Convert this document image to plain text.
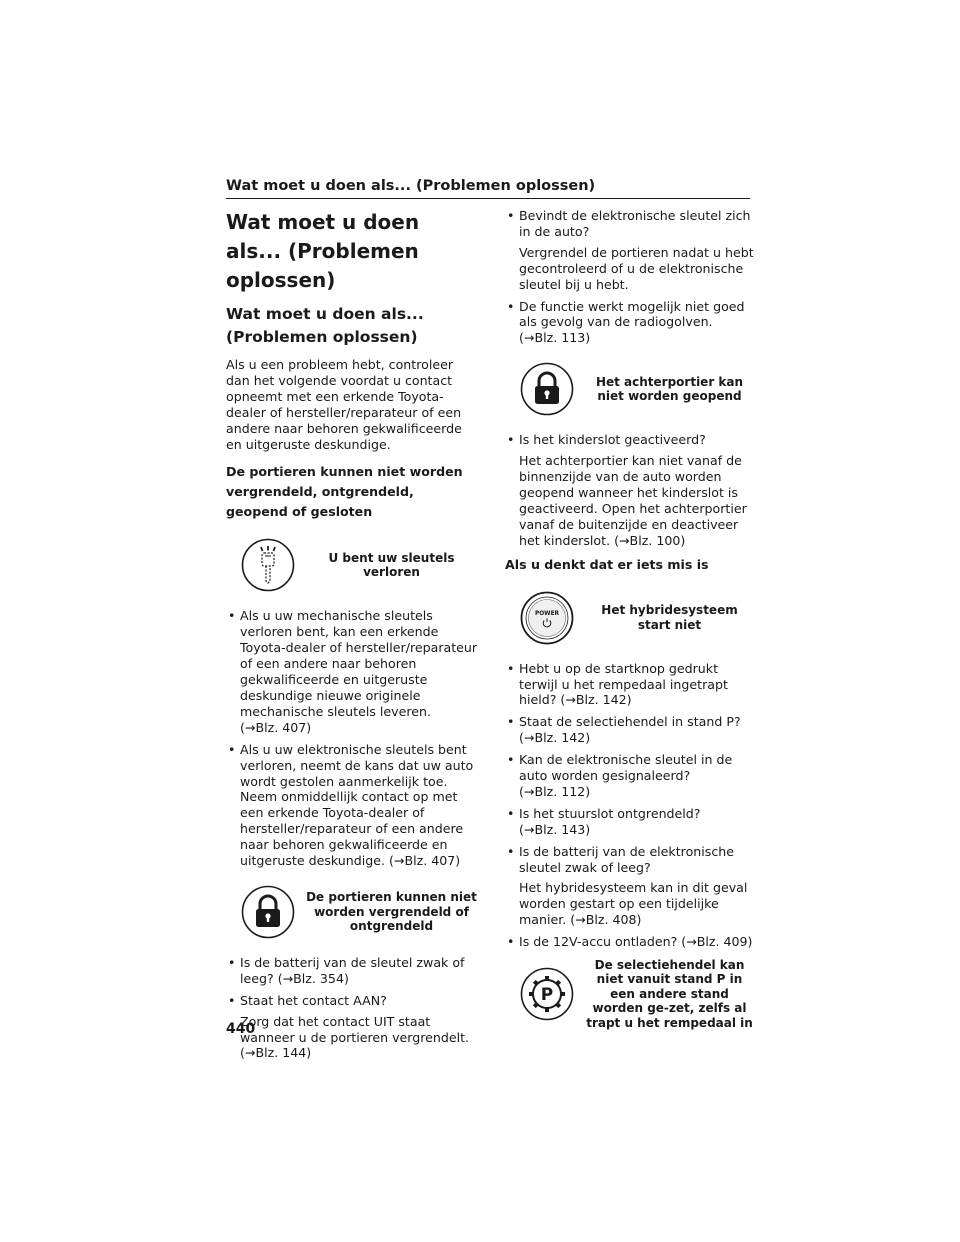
Wat moet u doen als... (Problemen oplossen)
Wat moet u doen als... (Problemen oplossen)
Wat moet u doen als... (Problemen oplossen)
Als u een probleem hebt, controleer dan het volgende voordat u contact opneemt met een erkende Toyota-dealer of hersteller/reparateur of een andere naar behoren gekwalificeerde en uitgeruste deskundige.
De portieren kunnen niet worden vergrendeld, ontgrendeld, geopend of gesloten
U bent uw sleutels verloren
• Als u uw mechanische sleutels verloren bent, kan een erkende Toyota-dealer of hersteller/reparateur of een andere naar behoren gekwalificeerde en uitgeruste deskundige nieuwe originele mechanische sleutels leveren. (→Blz. 407)
• Als u uw elektronische sleutels bent verloren, neemt de kans dat uw auto wordt gestolen aanmerkelijk toe. Neem onmiddellijk contact op met een erkende Toyota-dealer of hersteller/reparateur of een andere naar behoren gekwalificeerde en uitgeruste deskundige. (→Blz. 407)
De portieren kunnen niet worden vergrendeld of ontgrendeld
• Is de batterij van de sleutel zwak of leeg? (→Blz. 354)
• Staat het contact AAN?
Zorg dat het contact UIT staat wanneer u de portieren vergrendelt. (→Blz. 144)
• Bevindt de elektronische sleutel zich in de auto?
Vergrendel de portieren nadat u hebt gecontroleerd of u de elektronische sleutel bij u hebt.
• De functie werkt mogelijk niet goed als gevolg van de radiogolven. (→Blz. 113)
Het achterportier kan niet worden geopend
• Is het kinderslot geactiveerd?
Het achterportier kan niet vanaf de binnenzijde van de auto worden geopend wanneer het kinderslot is geactiveerd. Open het achterportier vanaf de buitenzijde en deactiveer het kinderslot. (→Blz. 100)
Als u denkt dat er iets mis is
POWER	Het hybridesysteem start niet
• Hebt u op de startknop gedrukt terwijl u het rempedaal ingetrapt hield? (→Blz. 142)
• Staat de selectiehendel in stand P? (→Blz. 142)
• Kan de elektronische sleutel in de auto worden gesignaleerd? (→Blz. 112)
• Is het stuurslot ontgrendeld? (→Blz. 143)
• Is de batterij van de elektronische sleutel zwak of leeg?
Het hybridesysteem kan in dit geval worden gestart op een tijdelijke manier. (→Blz. 408)
• Is de 12V-accu ontladen? (→Blz. 409)
P
De selectiehendel kan niet vanuit stand P in een andere stand worden ge-zet, zelfs al trapt u het rempedaal in
440
